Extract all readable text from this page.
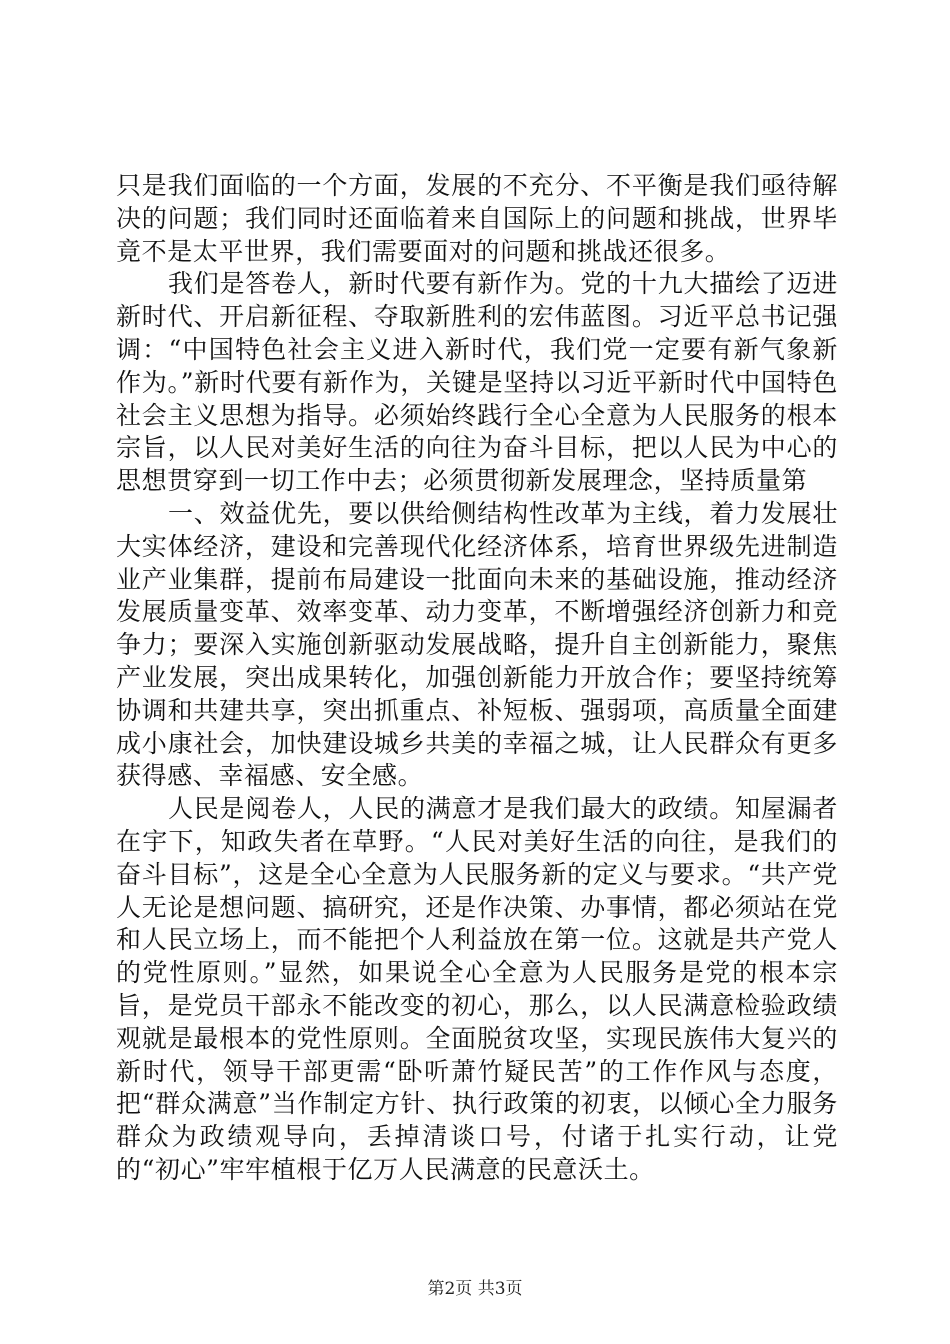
只是我们面临的一个方面，发展的不充分、不平衡是我们亟待解决的问题；我们同时还面临着来自国际上的问题和挑战，世界毕竟不是太平世界，我们需要面对的问题和挑战还很多。

我们是答卷人，新时代要有新作为。党的十九大描绘了迈进新时代、开启新征程、夺取新胜利的宏伟蓝图。习近平总书记强调：“中国特色社会主义进入新时代，我们党一定要有新气象新作为。”新时代要有新作为，关键是坚持以习近平新时代中国特色社会主义思想为指导。必须始终践行全心全意为人民服务的根本宗旨，以人民对美好生活的向往为奋斗目标，把以人民为中心的思想贯穿到一切工作中去；必须贯彻新发展理念，坚持质量第

一、效益优先，要以供给侧结构性改革为主线，着力发展壮大实体经济，建设和完善现代化经济体系，培育世界级先进制造业产业集群，提前布局建设一批面向未来的基础设施，推动经济发展质量变革、效率变革、动力变革，不断增强经济创新力和竞争力；要深入实施创新驱动发展战略，提升自主创新能力，聚焦产业发展，突出成果转化，加强创新能力开放合作；要坚持统筹协调和共建共享，突出抓重点、补短板、强弱项，高质量全面建成小康社会，加快建设城乡共美的幸福之城，让人民群众有更多获得感、幸福感、安全感。

人民是阅卷人，人民的满意才是我们最大的政绩。知屋漏者在宇下，知政失者在草野。“人民对美好生活的向往，是我们的奋斗目标”，这是全心全意为人民服务新的定义与要求。“共产党人无论是想问题、搞研究，还是作决策、办事情，都必须站在党和人民立场上，而不能把个人利益放在第一位。这就是共产党人的党性原则。”显然，如果说全心全意为人民服务是党的根本宗旨，是党员干部永不能改变的初心，那么，以人民满意检验政绩观就是最根本的党性原则。全面脱贫攻坚，实现民族伟大复兴的新时代，领导干部更需“卧听萧竹疑民苦”的工作作风与态度，把“群众满意”当作制定方针、执行政策的初衷，以倾心全力服务群众为政绩观导向，丢掉清谈口号，付诸于扎实行动，让党的“初心”牢牢植根于亿万人民满意的民意沃土。

第2页 共3页
